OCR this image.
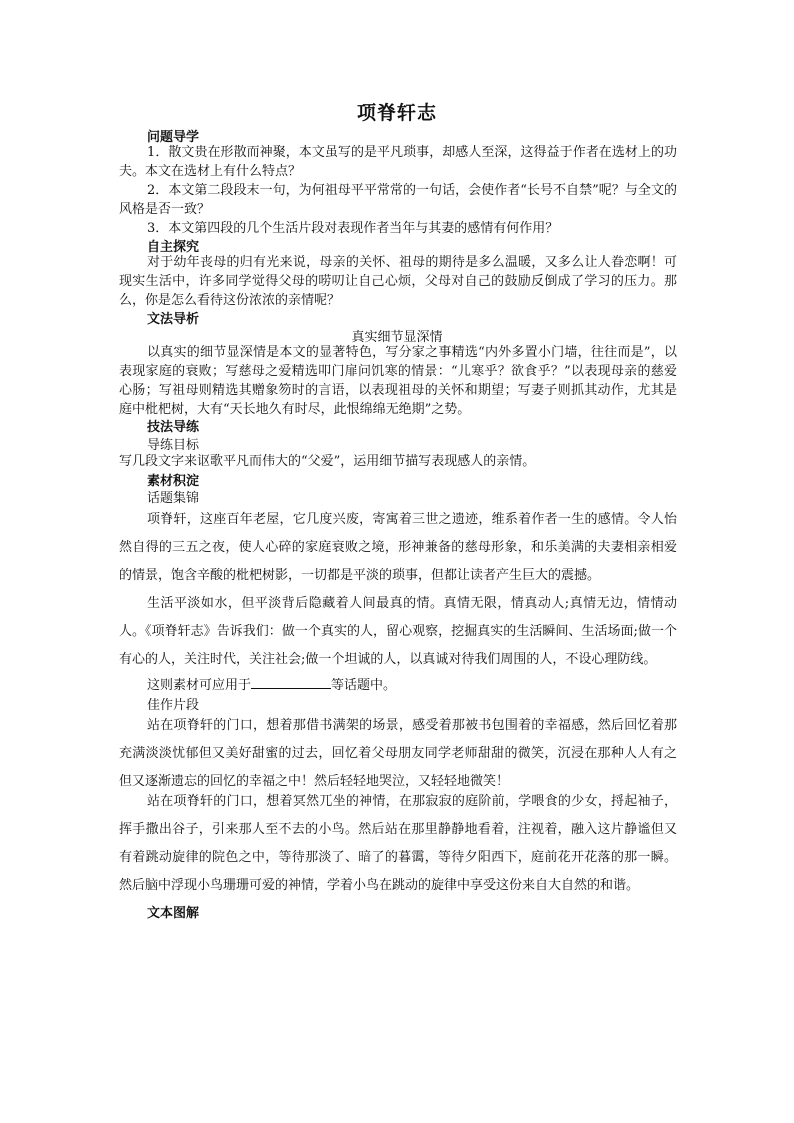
项脊轩志
问题导学
1．散文贵在形散而神聚，本文虽写的是平凡琐事，却感人至深，这得益于作者在选材上的功夫。本文在选材上有什么特点？
2．本文第二段段末一句，为何祖母平平常常的一句话，会使作者“长号不自禁”呢？与全文的风格是否一致？
3．本文第四段的几个生活片段对表现作者当年与其妻的感情有何作用？
自主探究
对于幼年丧母的归有光来说，母亲的关怀、祖母的期待是多么温暖，又多么让人眷恋啊！可现实生活中，许多同学觉得父母的唠叨让自己心烦，父母对自己的鼓励反倒成了学习的压力。那么，你是怎么看待这份浓浓的亲情呢？
文法导析
真实细节显深情
以真实的细节显深情是本文的显著特色，写分家之事精选“内外多置小门墙，往往而是”，以表现家庭的衰败；写慈母之爱精选叩门扉问饥寒的情景：“儿寒乎？欲食乎？”以表现母亲的慈爱心肠；写祖母则精选其赠象笏时的言语，以表现祖母的关怀和期望；写妻子则抓其动作，尤其是庭中枇杷树，大有“天长地久有时尽，此恨绵绵无绝期”之势。
技法导练
导练目标
写几段文字来讴歌平凡而伟大的“父爱”，运用细节描写表现感人的亲情。
素材积淀
话题集锦
项脊轩，这座百年老屋，它几度兴废，寄寓着三世之遗迹，维系着作者一生的感情。令人怡然自得的三五之夜，使人心碎的家庭衰败之境，形神兼备的慈母形象，和乐美满的夫妻相亲相爱的情景，饱含辛酸的枇杷树影，一切都是平淡的琐事，但都让读者产生巨大的震撼。
生活平淡如水，但平淡背后隐藏着人间最真的情。真情无限，情真动人;真情无边，情情动人。《项脊轩志》告诉我们：做一个真实的人，留心观察，挖掘真实的生活瞬间、生活场面;做一个有心的人，关注时代，关注社会;做一个坦诚的人，以真诚对待我们周围的人，不设心理防线。
这则素材可应用于	等话题中。
佳作片段
站在项脊轩的门口，想着那借书满架的场景，感受着那被书包围着的幸福感，然后回忆着那充满淡淡忧郁但又美好甜蜜的过去，回忆着父母朋友同学老师甜甜的微笑，沉浸在那种人人有之但又逐渐遗忘的回忆的幸福之中！然后轻轻地哭泣，又轻轻地微笑！
站在项脊轩的门口，想着冥然兀坐的神情，在那寂寂的庭阶前，学喂食的少女，捋起袖子，挥手撒出谷子，引来那人至不去的小鸟。然后站在那里静静地看着，注视着，融入这片静谧但又有着跳动旋律的院色之中，等待那淡了、暗了的暮霭，等待夕阳西下，庭前花开花落的那一瞬。然后脑中浮现小鸟珊珊可爱的神情，学着小鸟在跳动的旋律中享受这份来自大自然的和谐。
文本图解
